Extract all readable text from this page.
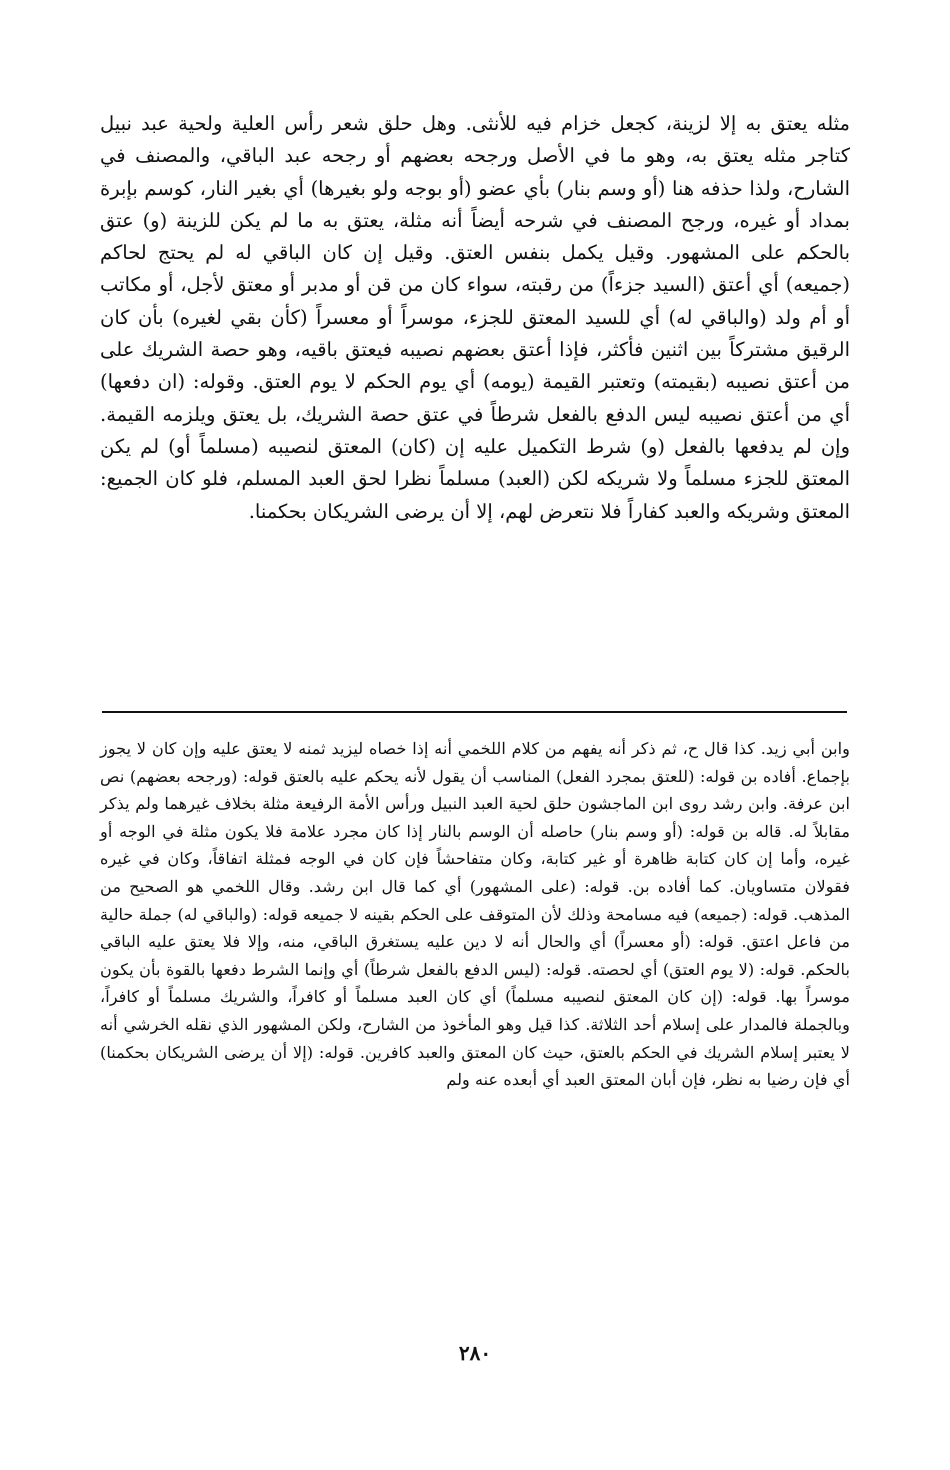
مثله يعتق به إلا لزينة، كجعل خزام فيه للأنثى. وهل حلق شعر رأس العلية ولحية عبد نبيل كتاجر مثله يعتق به، وهو ما في الأصل ورجحه بعضهم أو رجحه عبد الباقي، والمصنف في الشارح، ولذا حذفه هنا (أو وسم بنار) بأي عضو (أو بوجه ولو بغيرها) أي بغير النار، كوسم بإبرة بمداد أو غيره، ورجح المصنف في شرحه أيضاً أنه مثلة، يعتق به ما لم يكن للزينة (و) عتق بالحكم على المشهور. وقيل يكمل بنفس العتق. وقيل إن كان الباقي له لم يحتج لحاكم (جميعه) أي أعتق (السيد جزءاً) من رقبته، سواء كان من قن أو مدبر أو معتق لأجل، أو مكاتب أو أم ولد (والباقي له) أي للسيد المعتق للجزء، موسراً أو معسراً (كأن بقي لغيره) بأن كان الرقيق مشتركاً بين اثنين فأكثر، فإذا أعتق بعضهم نصيبه فيعتق باقيه، وهو حصة الشريك على من أعتق نصيبه (بقيمته) وتعتبر القيمة (يومه) أي يوم الحكم لا يوم العتق. وقوله: (ان دفعها) أي من أعتق نصيبه ليس الدفع بالفعل شرطاً في عتق حصة الشريك، بل يعتق ويلزمه القيمة. وإن لم يدفعها بالفعل (و) شرط التكميل عليه إن (كان) المعتق لنصيبه (مسلماً أو) لم يكن المعتق للجزء مسلماً ولا شريكه لكن (العبد) مسلماً نظرا لحق العبد المسلم، فلو كان الجميع: المعتق وشريكه والعبد كفاراً فلا نتعرض لهم، إلا أن يرضى الشريكان بحكمنا.

وابن أبي زيد. كذا قال ح، ثم ذكر أنه يفهم من كلام اللخمي أنه إذا خصاه ليزيد ثمنه لا يعتق عليه وإن كان لا يجوز بإجماع. أفاده بن قوله: (للعتق بمجرد الفعل) المناسب أن يقول لأنه يحكم عليه بالعتق قوله: (ورجحه بعضهم) نص ابن عرفة. وابن رشد روى ابن الماجشون حلق لحية العبد النبيل ورأس الأمة الرفيعة مثلة بخلاف غيرهما ولم يذكر مقابلاً له. قاله بن قوله: (أو وسم بنار) حاصله أن الوسم بالنار إذا كان مجرد علامة فلا يكون مثلة في الوجه أو غيره، وأما إن كان كتابة ظاهرة أو غير كتابة، وكان متفاحشاً فإن كان في الوجه فمثلة اتفاقاً، وكان في غيره فقولان متساويان. كما أفاده بن. قوله: (على المشهور) أي كما قال ابن رشد. وقال اللخمي هو الصحيح من المذهب. قوله: (جميعه) فيه مسامحة وذلك لأن المتوقف على الحكم بقينه لا جميعه قوله: (والباقي له) جملة حالية من فاعل اعتق. قوله: (أو معسراً) أي والحال أنه لا دين عليه يستغرق الباقي، منه، وإلا فلا يعتق عليه الباقي بالحكم. قوله: (لا يوم العتق) أي لحصته. قوله: (ليس الدفع بالفعل شرطاً) أي وإنما الشرط دفعها بالقوة بأن يكون موسراً بها. قوله: (إن كان المعتق لنصيبه مسلماً) أي كان العبد مسلماً أو كافراً، والشريك مسلماً أو كافراً، وبالجملة فالمدار على إسلام أحد الثلاثة. كذا قيل وهو المأخوذ من الشارح، ولكن المشهور الذي نقله الخرشي أنه لا يعتبر إسلام الشريك في الحكم بالعتق، حيث كان المعتق والعبد كافرين. قوله: (إلا أن يرضى الشريكان بحكمنا) أي فإن رضيا به نظر، فإن أبان المعتق العبد أي أبعده عنه ولم

٢٨٠
